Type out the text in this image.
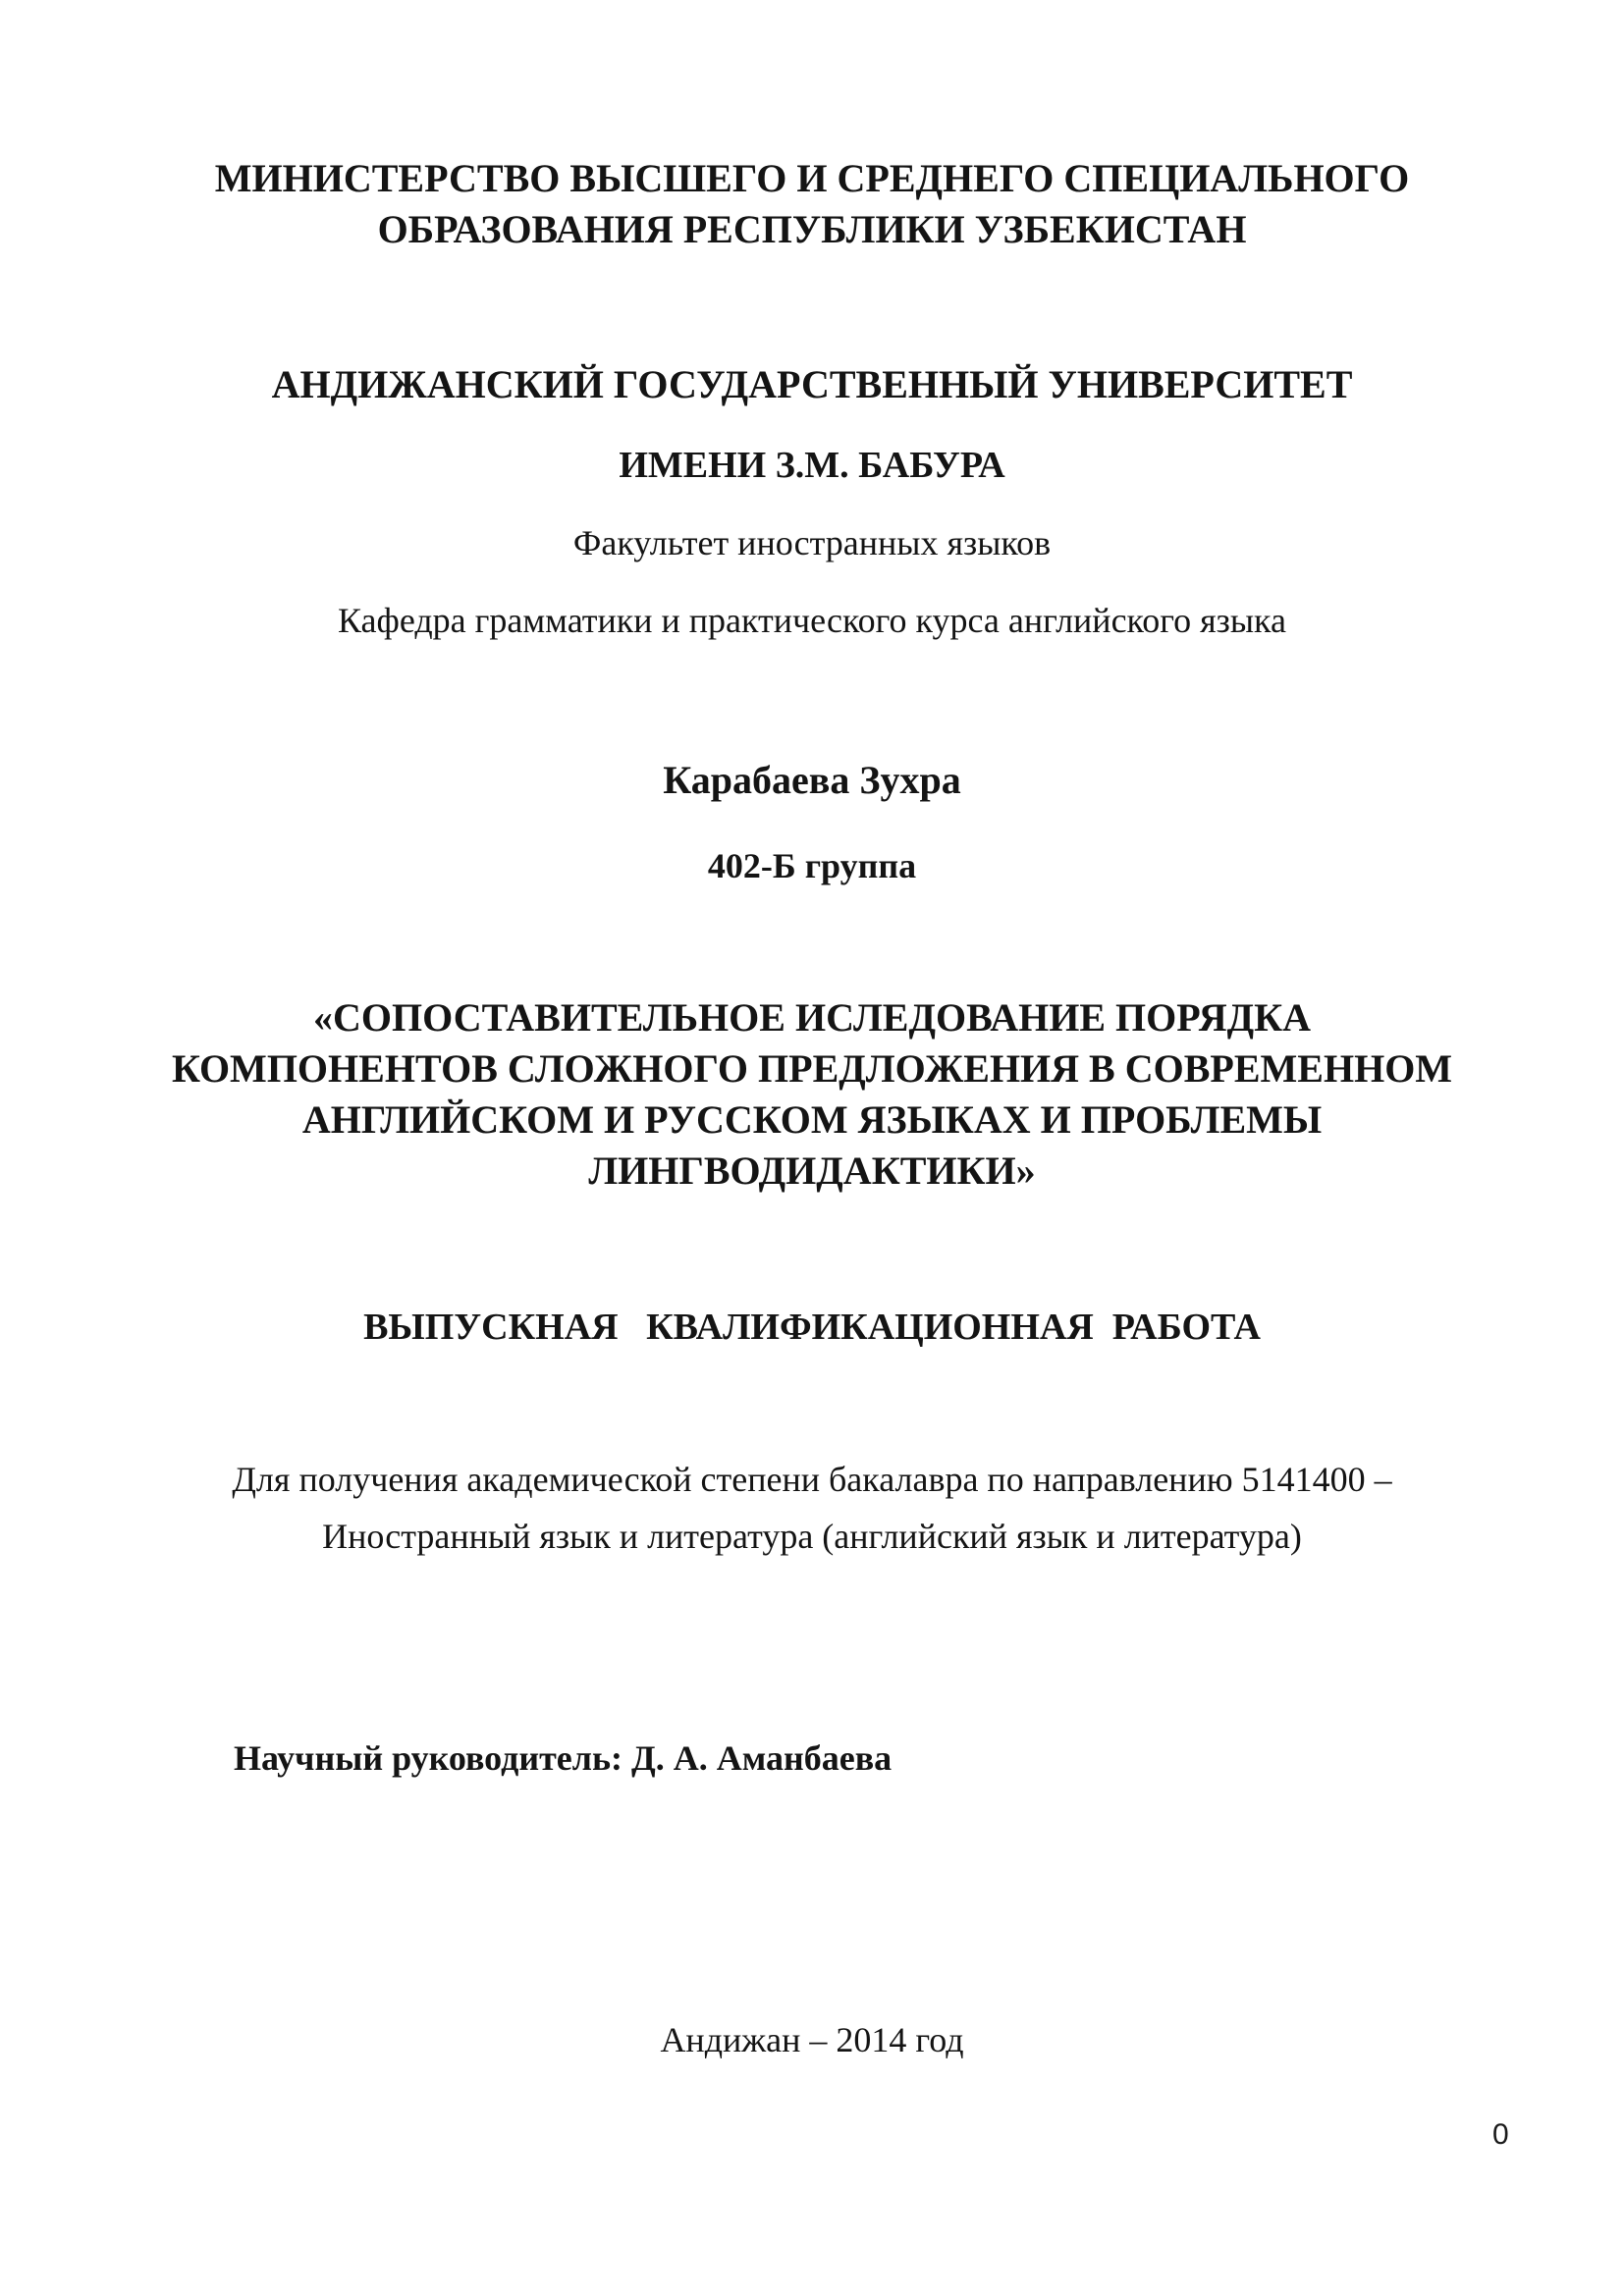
МИНИСТЕРСТВО ВЫСШЕГО И СРЕДНЕГО СПЕЦИАЛЬНОГО

ОБРАЗОВАНИЯ РЕСПУБЛИКИ УЗБЕКИСТАН

АНДИЖАНСКИЙ ГОСУДАРСТВЕННЫЙ УНИВЕРСИТЕТ

ИМЕНИ З.М. БАБУРА

Факультет иностранных языков

Кафедра грамматики и практического курса английского языка

Карабаева Зухра

402-Б группа

«СОПОСТАВИТЕЛЬНОЕ ИСЛЕДОВАНИЕ ПОРЯДКА

КОМПОНЕНТОВ СЛОЖНОГО ПРЕДЛОЖЕНИЯ В СОВРЕМЕННОМ

АНГЛИЙСКОМ И РУССКОМ ЯЗЫКАХ И ПРОБЛЕМЫ

ЛИНГВОДИДАКТИКИ»

ВЫПУСКНАЯ   КВАЛИФИКАЦИОННАЯ  РАБОТА

Для получения академической степени бакалавра по направлению 5141400 –

Иностранный язык и литература (английский язык и литература)

Научный руководитель: Д. А. Аманбаева

Андижан – 2014 год

0
